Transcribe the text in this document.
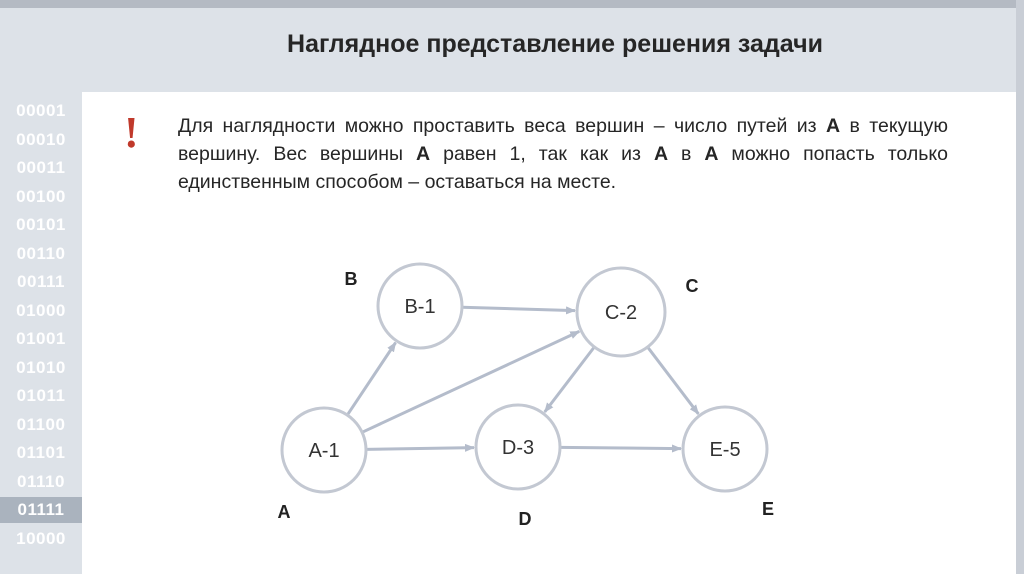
Наглядное представление решения задачи
00001
00010
00011
00100
00101
00110
00111
01000
01001
01010
01011
01100
01101
01110
01111
10000
! Для наглядности можно проставить веса вершин – число путей из А в текущую вершину. Вес вершины А равен 1, так как из А в А можно попасть только единственным способом – оставаться на месте.
A-1
B-1	C-2
D-3	E-5
A
B	C
D	E
